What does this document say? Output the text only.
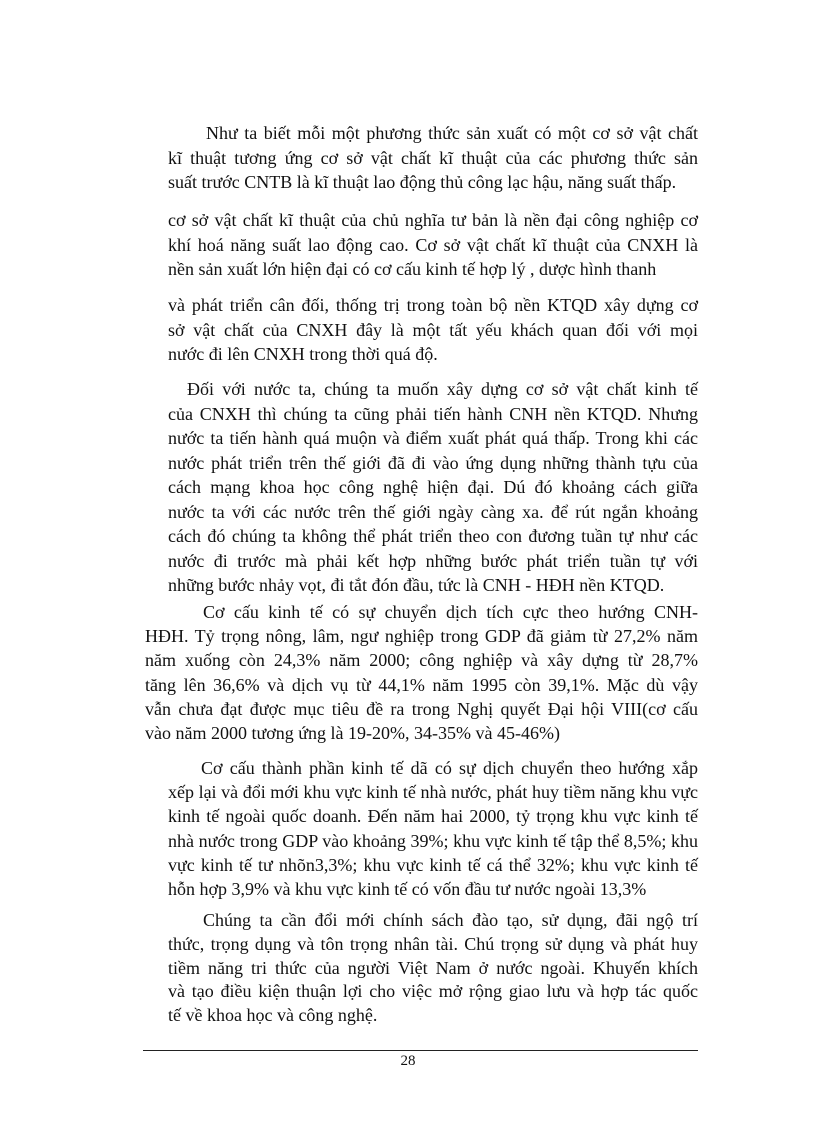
Như ta biết mỗi một phương thức sản xuất có một cơ sở vật chất
kĩ thuật tương ứng cơ sở vật chất kĩ thuật của các phương thức sản
suất trước CNTB là kĩ thuật lao động thủ công lạc hậu, năng suất thấp.
cơ sở vật chất kĩ thuật của chủ nghĩa tư bản là nền đại công nghiệp cơ
khí hoá năng suất lao động cao. Cơ sở vật chất kĩ thuật của CNXH là
nền sản xuất lớn hiện đại có cơ cấu kinh tế hợp lý , dược hình thanh
và phát triển cân đối, thống trị trong toàn bộ nền KTQD xây dựng cơ
sở vật chất của CNXH đây là một tất yếu khách quan đối với mọi
nước đi lên CNXH trong thời quá độ.
Đối với nước ta, chúng ta muốn xây dựng cơ sở vật chất kinh tế
của CNXH thì chúng ta cũng phải tiến hành CNH nền KTQD. Nhưng
nước ta tiến hành quá muộn và điểm xuất phát quá thấp. Trong khi các
nước phát triển trên thế giới đã đi vào ứng dụng những thành tựu của
cách mạng khoa học công nghệ hiện đại. Dú đó khoảng cách giữa
nước ta với các nước trên thế giới ngày càng xa. để rút ngắn khoảng
cách đó chúng ta không thể phát triển theo con đương tuần tự như các
nước đi trước mà phải kết hợp những bước phát triển tuần tự với
những bước nhảy vọt, đi tắt đón đầu, tức là CNH - HĐH nền KTQD.
Cơ cấu kinh tế có sự chuyển dịch tích cực theo hướng CNH-
HĐH. Tỷ trọng nông, lâm, ngư nghiệp trong GDP đã giảm từ 27,2% năm
năm xuống còn 24,3% năm 2000; công nghiệp và xây dựng từ 28,7%
tăng lên 36,6% và dịch vụ từ 44,1% năm 1995 còn 39,1%. Mặc dù vậy
vẫn chưa đạt được mục tiêu đề ra trong Nghị quyết Đại hội VIII(cơ cấu
vào năm 2000 tương ứng là 19-20%, 34-35% và 45-46%)
Cơ cấu thành phần kinh tế dã có sự dịch chuyển theo hướng xắp
xếp lại và đổi mới khu vực kinh tế nhà nước, phát huy tiềm năng khu vực
kinh tế ngoài quốc doanh. Đến năm hai 2000, tỷ trọng khu vực kinh tế
nhà nước trong GDP vào khoảng 39%; khu vực kinh tế tập thể 8,5%; khu
vực kinh tế tư nhõn3,3%; khu vực kinh tế cá thể 32%; khu vực kinh tế
hỗn hợp 3,9% và khu vực kinh tế có vốn đầu tư nước ngoài 13,3%
Chúng ta cần đổi mới chính sách đào tạo, sử dụng, đãi ngộ trí
thức, trọng dụng và tôn trọng nhân tài. Chú trọng sử dụng và phát huy
tiềm năng tri thức của người Việt Nam ở nước ngoài. Khuyến khích
và tạo điều kiện thuận lợi cho việc mở rộng giao lưu và hợp tác quốc
tế về khoa học và công nghệ.
28
